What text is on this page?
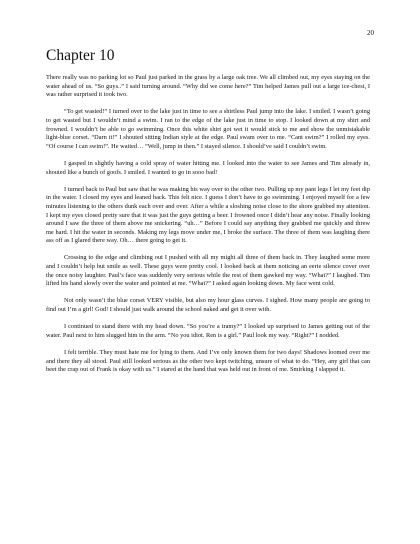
20
Chapter 10

There really was no parking lot so Paul just parked in the grass by a large oak tree. We all climbed out, my eyes staying on the water ahead of us. “So guys..” I said turning around. “Why did we come here?” Tim helped James pull out a large ice-chest, I was rather surprised it took two.

“To get wasted!” I turned over to the lake just in time to see a shirtless Paul jump into the lake. I smiled. I wasn’t going to get wasted but I wouldn’t mind a swim. I ran to the edge of the lake just in time to stop. I looked down at my shirt and frowned. I wouldn’t be able to go swimming. Once this white shirt got wet it would stick to me and show the unmistakable light-blue corset. “Darn it!” I shouted sitting Indian style at the edge. Paul swam over to me. “Cant swim?” I rolled my eyes. “Of course I can swim!”. He waited… “Well, jump in then.” I stayed silence. I should’ve said I couldn’t swim.

I gasped in slightly having a cold spray of water hitting me. I looked into the water to see James and Tim already in, shouted like a bunch of goofs. I smiled. I wanted to go in sooo bad!

I turned back to Paul but saw that he was making his way over to the other two. Pulling up my pant legs I let my feet dip in the water. I closed my eyes and leaned back. This felt nice. I guess I don’t have to go swimming. I enjoyed myself for a few minutes listening to the others dunk each over and over. After a while a sloshing noise close to the shore grabbed my attention. I kept my eyes closed pretty sure that it was just the guys getting a beer. I frowned once I didn’t hear any noise. Finally looking around I saw the three of them above me snickering. “uh…” Before I could say anything they grabbed me quickly and threw me hard. I hit the water in seconds. Making my legs move under me, I broke the surface. The three of them was laughing there ass off as I glared there way. Oh… there going to get it.

Crossing to the edge and climbing out I pushed with all my might all three of them back in. They laughed some more and I couldn’t help but smile as well. These guys were pretty cool. I looked back at them noticing an eerie silence cover over the once noisy laughter. Paul’s face was suddenly very serious while the rest of them gawked my way. “What?” I laughed. Tim lifted his hand slowly over the water and pointed at me. “What?” I asked again looking down. My face went cold.

Not only wasn’t the blue corset VERY visible, but also my hour glass curves. I sighed. How many people are going to find out I’m a girl! God! I should just walk around the school naked and get it over with.

I continued to stand there with my head down. “So you’re a tramy?” I looked up surprised to James getting out of the water. Paul next to him slugged him in the arm. “No you idiot. Ren is a girl.” Paul look my way. “Right?” I nodded.

I felt terrible. They must hate me for lying to them. And I’ve only known them for two days! Shadows loomed over me and there they all stood. Paul still looked serious as the other two kept twitching, unsure of what to do. “Hey, any girl that can beet the crap out of Frank is okay with us.” I stared at the hand that was held out in front of me. Smirking I slapped it.
